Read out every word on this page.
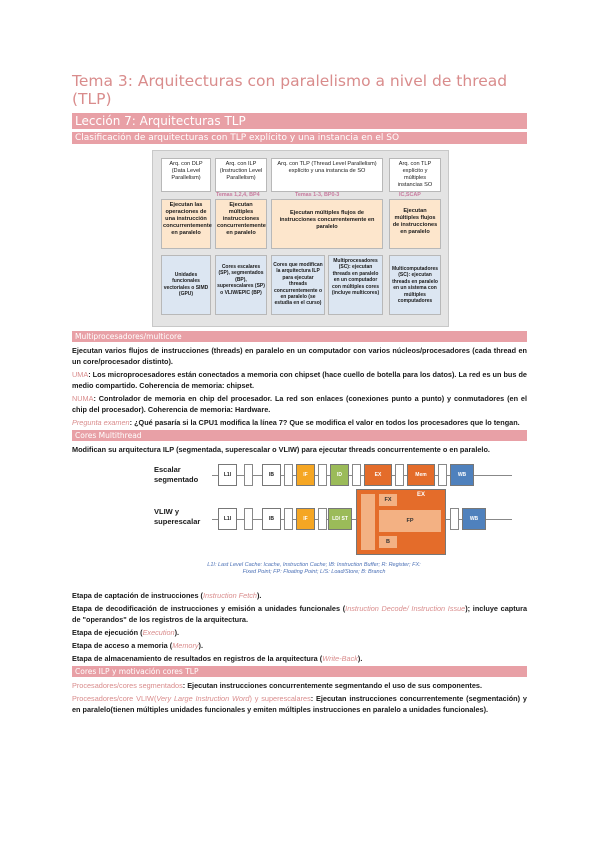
Tema 3: Arquitecturas con paralelismo a nivel de thread (TLP)
Lección 7: Arquitecturas TLP
Clasificación de arquitecturas con TLP explícito y una instancia en el SO
Arq. con DLP (Data Level Parallelism)
Ejecutan las operaciones de una instrucción concurrentemente en paralelo
Unidades funcionales vectoriales o SIMD (GPU)
Arq. con ILP (Instruction Level Parallelism)
Temas 1,2,4, BP4
Ejecutan múltiples instrucciones concurrentemente en paralelo
Cores escalares (SP), segmentados (BP), superescalares (SP) o VLIW/EPIC (BP)
Arq. con TLP (Thread Level Parallelism) explícito y una instancia de SO
Temas 1-3, BP0-3
Ejecutan múltiples flujos de instrucciones concurrentemente en paralelo
Cores que modifican la arquitectura ILP para ejecutar threads concurrentemente o en paralelo (se estudia en el curso)
Multiprocesadores (SC): ejecutan threads en paralelo en un computador con múltiples cores (incluye multicores)
Arq. con TLP explícito y múltiples instancias SO
IC,SCAP
Ejecutan múltiples flujos de instrucciones en paralelo
Multicomputadores (SC): ejecutan threads en paralelo en un sistema con múltiples computadores
Multiprocesadores/multicore

Ejecutan varios flujos de instrucciones (threads) en paralelo en un computador con varios núcleos/procesadores (cada thread en un core/procesador distinto).

UMA: Los microprocesadores están conectados a memoria con chipset (hace cuello de botella para los datos). La red es un bus de medio compartido. Coherencia de memoria: chipset.

NUMA: Controlador de memoria en chip del procesador. La red son enlaces (conexiones punto a punto) y conmutadores (en el chip del procesador). Coherencia de memoria: Hardware.

Pregunta examen: ¿Qué pasaría si la CPU1 modifica la línea 7? Que se modifica el valor en todos los procesadores que lo tengan.

Cores Multithread

Modifican su arquitectura ILP (segmentada, superescalar o VLIW) para ejecutar threads concurrentemente o en paralelo.

Escalar segmentado	L1I	IB	IF	ID	EX	Mem	WB
VLIW y superescalar	L1I	IB	IF	LD/ ST
FX
EX
FP
B
WB
L1I: Last Level Cache: Icache, Instruction Cache; IB: Instruction Buffer; R: Register; FX: Fixed Point; FP: Floating Point; L/S: Load/Store; B: Branch

Etapa de captación de instrucciones (Instruction Fetch).

Etapa de decodificación de instrucciones y emisión a unidades funcionales (Instruction Decode/ Instruction Issue); incluye captura de "operandos" de los registros de la arquitectura.

Etapa de ejecución (Execution).

Etapa de acceso a memoria (Memory).

Etapa de almacenamiento de resultados en registros de la arquitectura (Write-Back).

Cores ILP y motivación cores TLP

Procesadores/cores segmentados: Ejecutan instrucciones concurrentemente segmentando el uso de sus componentes.

Procesadores/core VLIW(Very Large Instruction Word) y superescalares: Ejecutan instrucciones concurrentemente (segmentación) y en paralelo(tienen múltiples unidades funcionales y emiten múltiples instrucciones en paralelo a unidades funcionales).
